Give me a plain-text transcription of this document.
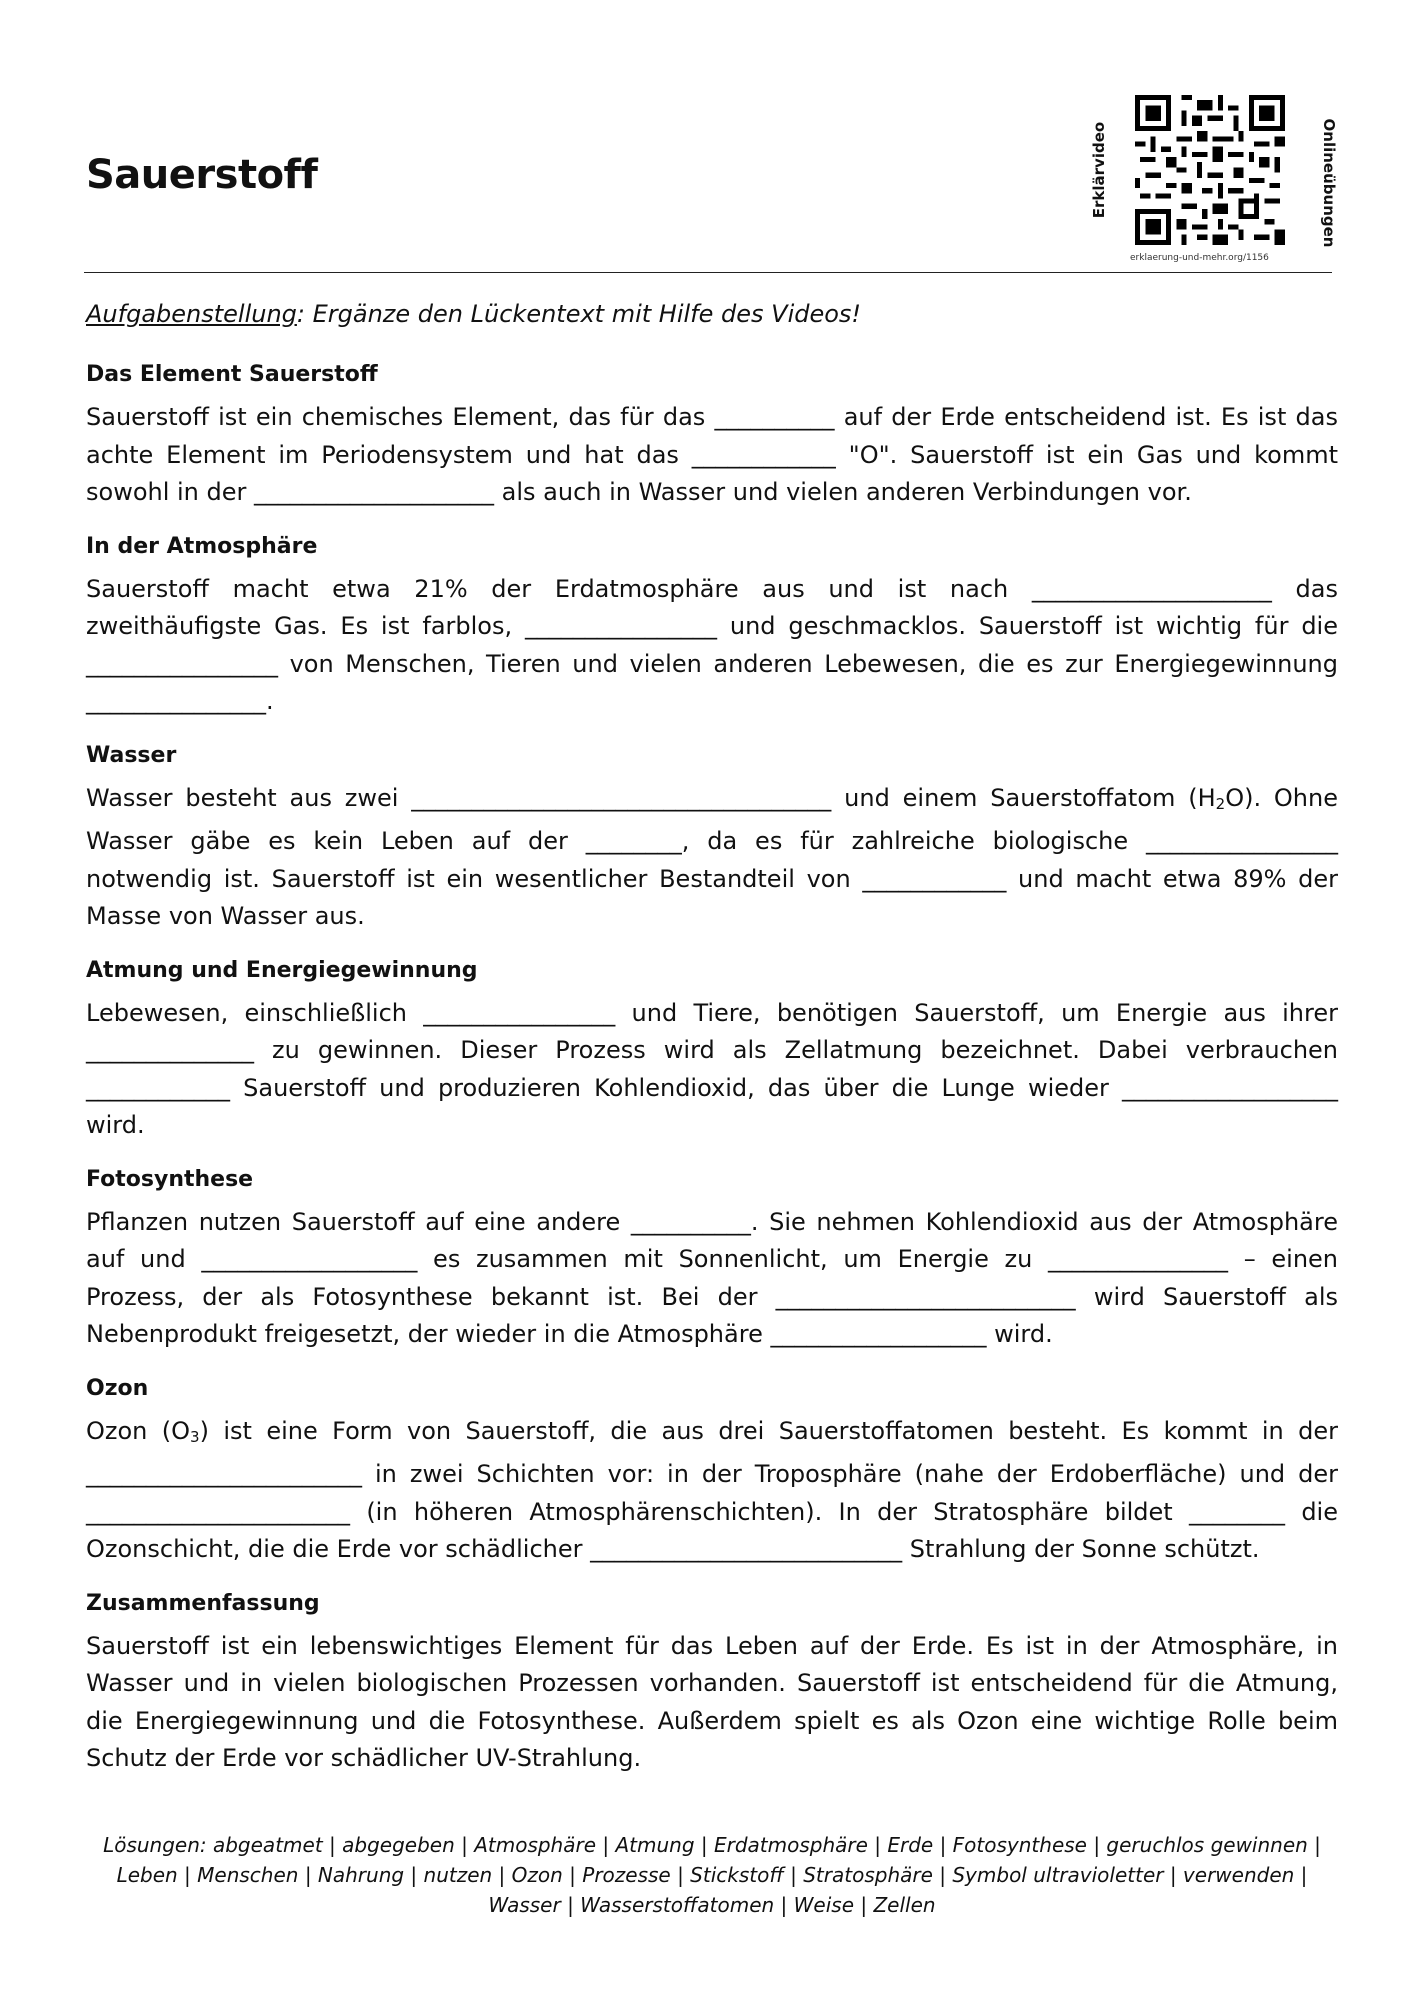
Sauerstoff	Erklärvideo
erklaerung-und-mehr.org/1156
Onlineübungen

Aufgabenstellung: Ergänze den Lückentext mit Hilfe des Videos!

Das Element Sauerstoff

Sauerstoff ist ein chemisches Element, das für das __________ auf der Erde entscheidend ist. Es ist das achte Element im Periodensystem und hat das ____________ "O". Sauerstoff ist ein Gas und kommt sowohl in der ____________________ als auch in Wasser und vielen anderen Verbindungen vor.

In der Atmosphäre

Sauerstoff macht etwa 21% der Erdatmosphäre aus und ist nach ____________________ das zweithäufigste Gas. Es ist farblos, ________________ und geschmacklos. Sauerstoff ist wichtig für die ________________ von Menschen, Tieren und vielen anderen Lebewesen, die es zur Energiegewinnung _______________.

Wasser

Wasser besteht aus zwei ___________________________________ und einem Sauerstoffatom $(H_2O)$. Ohne Wasser gäbe es kein Leben auf der ________, da es für zahlreiche biologische ________________ notwendig ist. Sauerstoff ist ein wesentlicher Bestandteil von ____________ und macht etwa 89% der Masse von Wasser aus.

Atmung und Energiegewinnung

Lebewesen, einschließlich ________________ und Tiere, benötigen Sauerstoff, um Energie aus ihrer ______________ zu gewinnen. Dieser Prozess wird als Zellatmung bezeichnet. Dabei verbrauchen ____________ Sauerstoff und produzieren Kohlendioxid, das über die Lunge wieder __________________ wird.

Fotosynthese

Pflanzen nutzen Sauerstoff auf eine andere __________. Sie nehmen Kohlendioxid aus der Atmosphäre auf und __________________ es zusammen mit Sonnenlicht, um Energie zu _______________ – einen Prozess, der als Fotosynthese bekannt ist. Bei der _________________________ wird Sauerstoff als Nebenprodukt freigesetzt, der wieder in die Atmosphäre __________________ wird.

Ozon

Ozon $(O_3)$ ist eine Form von Sauerstoff, die aus drei Sauerstoffatomen besteht. Es kommt in der _______________________ in zwei Schichten vor: in der Troposphäre (nahe der Erdoberfläche) und der ______________________ (in höheren Atmosphärenschichten). In der Stratosphäre bildet ________ die Ozonschicht, die die Erde vor schädlicher __________________________ Strahlung der Sonne schützt.

Zusammenfassung

Sauerstoff ist ein lebenswichtiges Element für das Leben auf der Erde. Es ist in der Atmosphäre, in Wasser und in vielen biologischen Prozessen vorhanden. Sauerstoff ist entscheidend für die Atmung, die Energiegewinnung und die Fotosynthese. Außerdem spielt es als Ozon eine wichtige Rolle beim Schutz der Erde vor schädlicher UV-Strahlung.

Lösungen: abgeatmet | abgegeben | Atmosphäre | Atmung | Erdatmosphäre | Erde | Fotosynthese | geruchlos gewinnen | Leben | Menschen | Nahrung | nutzen | Ozon | Prozesse | Stickstoff | Stratosphäre | Symbol ultravioletter | verwenden | Wasser | Wasserstoffatomen | Weise | Zellen
